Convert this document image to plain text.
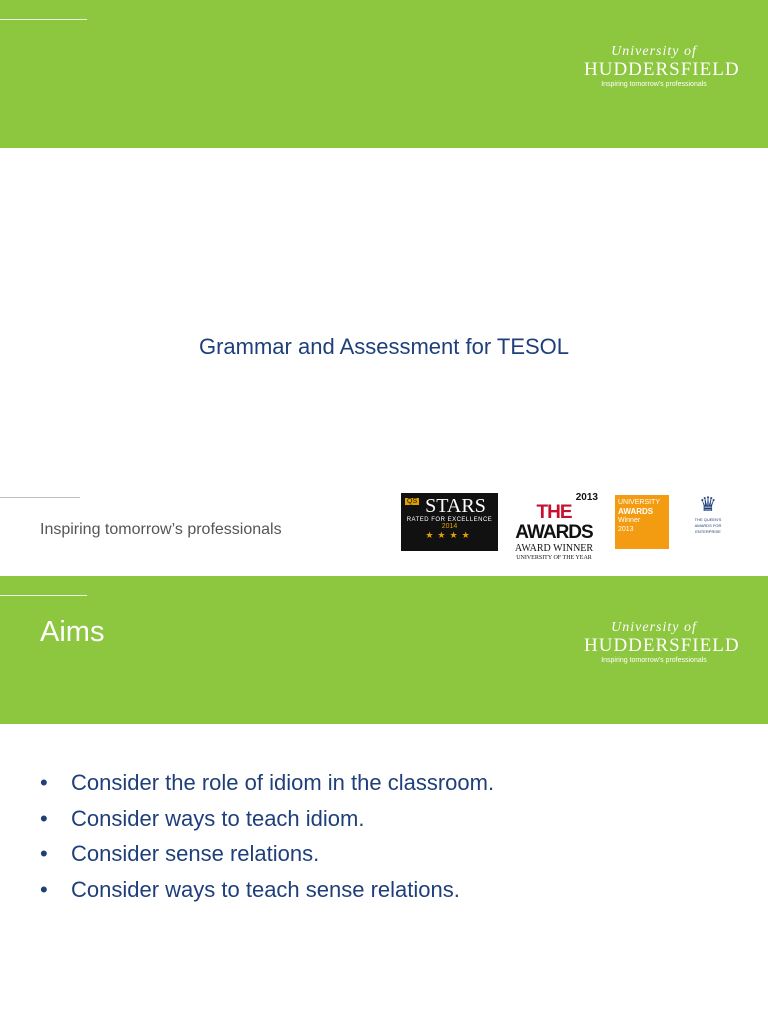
University of
HUDDERSFIELD
Inspiring tomorrow's professionals
Grammar and Assessment for TESOL
Inspiring tomorrow’s professionals
QS STARS
RATED FOR EXCELLENCE
2014
★★★★
2013
THE AWARDS
AWARD WINNER
UNIVERSITY OF THE YEAR
UNIVERSITY
AWARDS
Winner
2013
♛
THE QUEEN'S AWARDS FOR ENTERPRISE
Aims	University of
HUDDERSFIELD
Inspiring tomorrow's professionals
• Consider the role of idiom in the classroom.
• Consider ways to teach idiom.
• Consider sense relations.
• Consider ways to teach sense relations.
